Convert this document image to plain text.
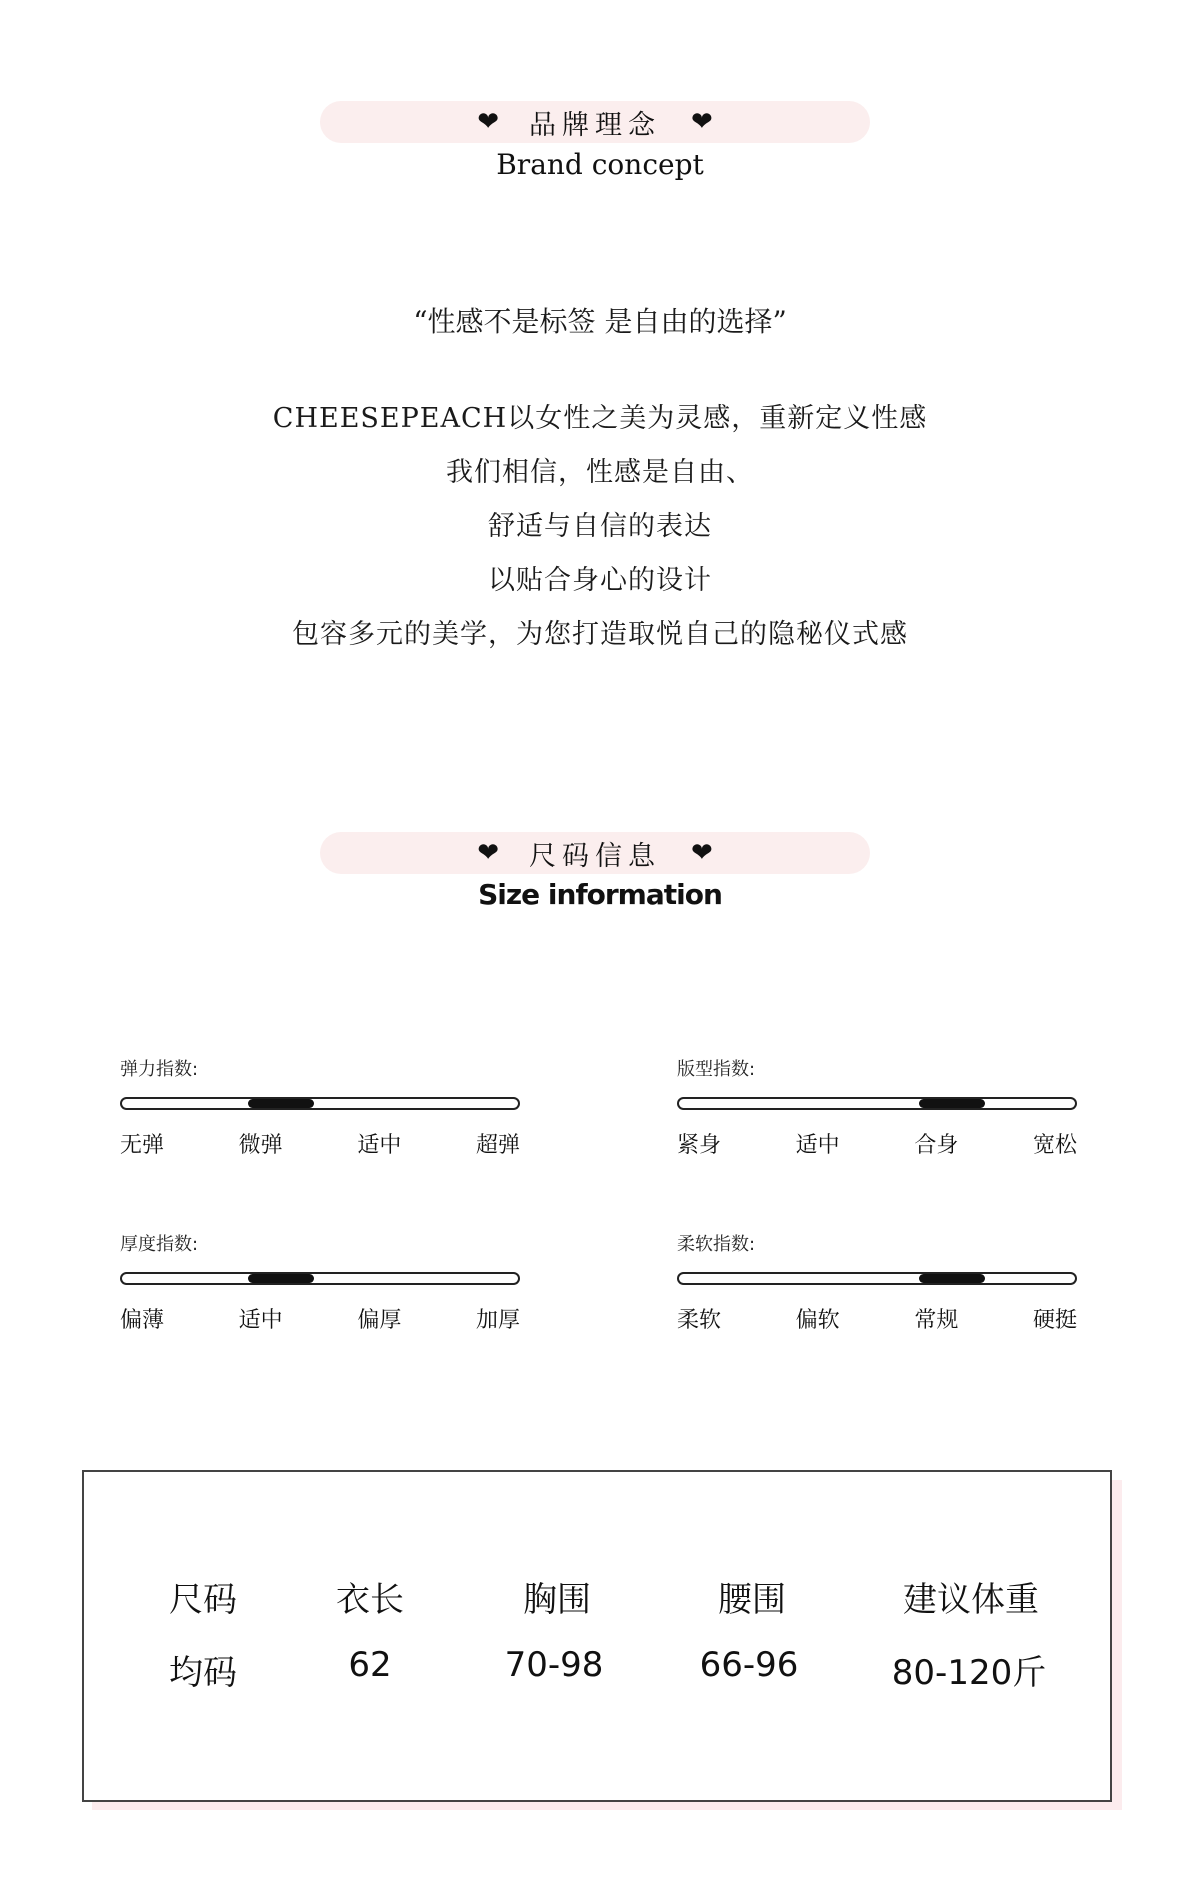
❤ 品牌理念 ❤
Brand concept
“性感不是标签 是自由的选择”
CHEESEPEACH以女性之美为灵感，重新定义性感
我们相信，性感是自由、
舒适与自信的表达
以贴合身心的设计
包容多元的美学，为您打造取悦自己的隐秘仪式感
❤ 尺码信息 ❤
Size information
弹力指数:
无弹	微弹	适中	超弹
版型指数:
紧身	适中	合身	宽松
厚度指数:
偏薄	适中	偏厚	加厚
柔软指数:
柔软	偏软	常规	硬挺
尺码	衣长	胸围	腰围	建议体重
均码	62	70-98	66-96	80-120斤
